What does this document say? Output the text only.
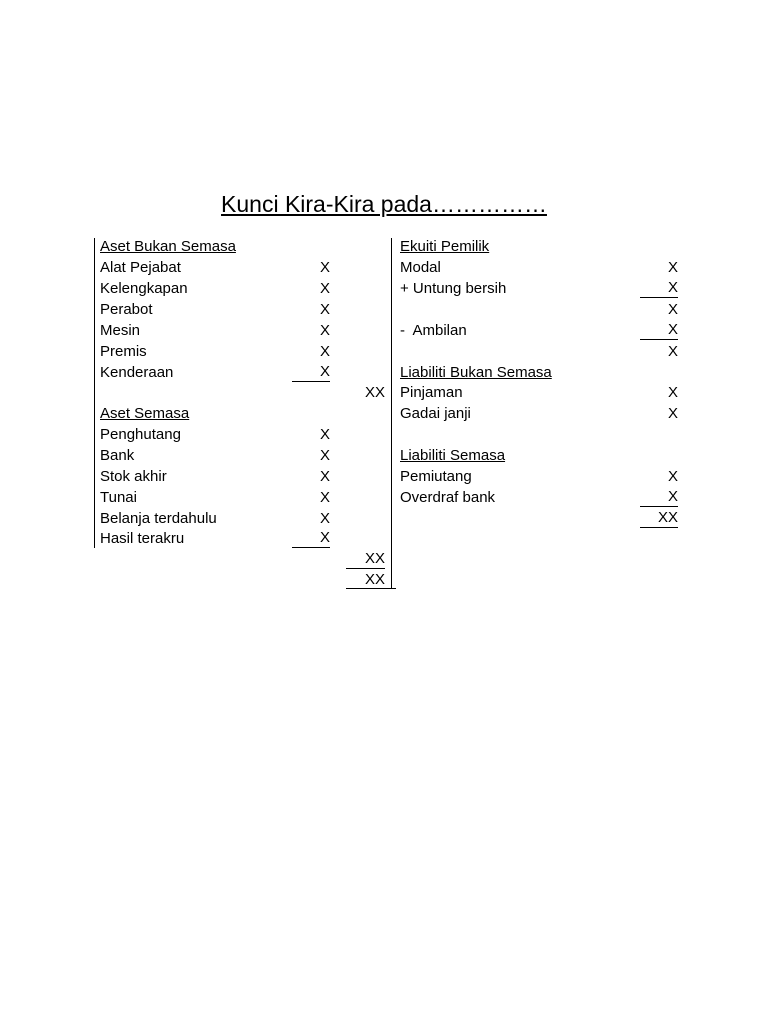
Kunci Kira-Kira pada……………
Aset Bukan Semasa
Alat Pejabat	X
Kelengkapan	X
Perabot	X
Mesin	X
Premis	X
Kenderaan	X
XX
Aset Semasa
Penghutang	X
Bank	X
Stok akhir	X
Tunai	X
Belanja terdahulu	X
Hasil terakru	X
XX
XX
Ekuiti Pemilik
Modal	X
+ Untung bersih	X
X
-  Ambilan	X
X
Liabiliti Bukan Semasa
Pinjaman	X
Gadai janji	X
Liabiliti Semasa
Pemiutang	X
Overdraf bank	X
XX
